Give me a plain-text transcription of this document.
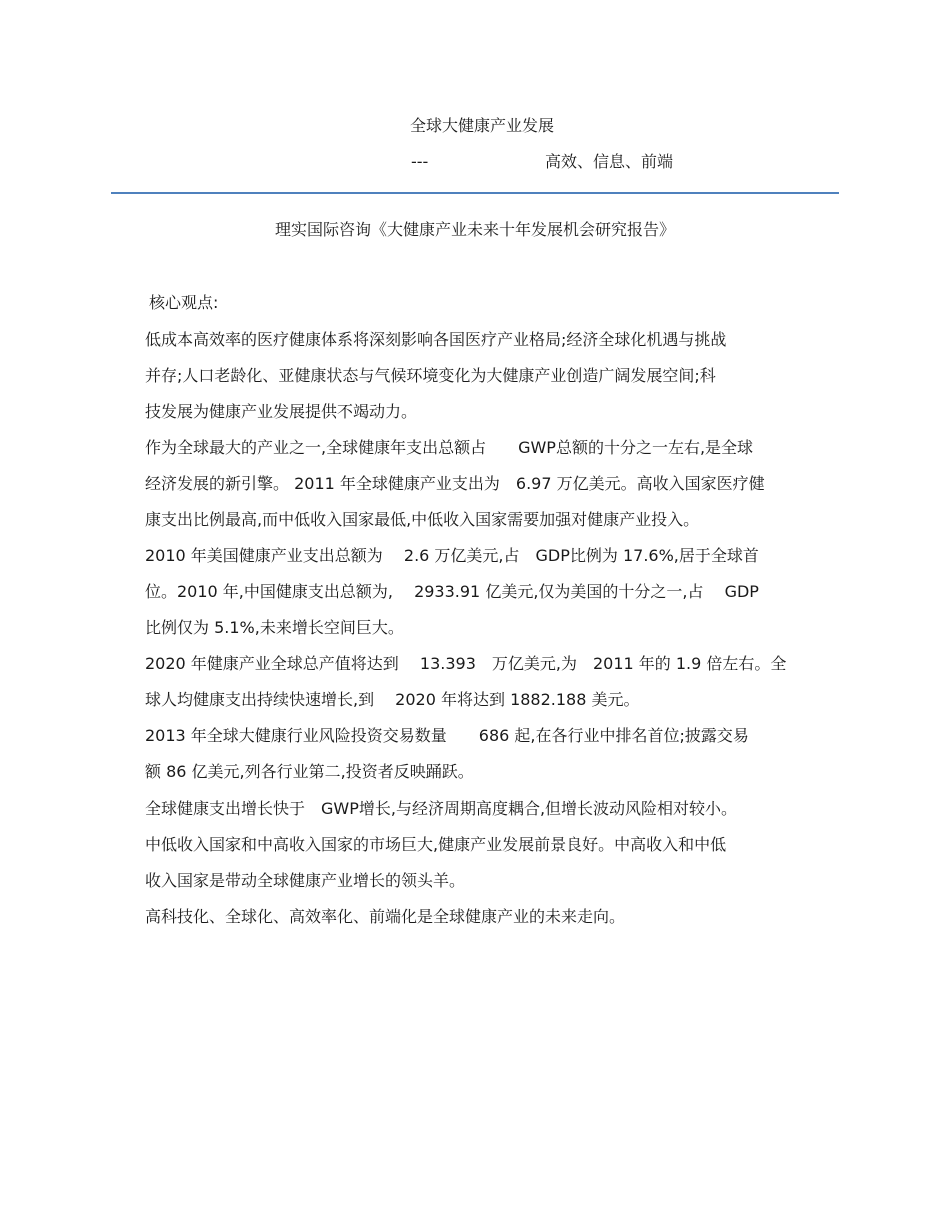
全球大健康产业发展
---	高效、信息、前端
理实国际咨询《大健康产业未来十年发展机会研究报告》
核心观点:
低成本高效率的医疗健康体系将深刻影响各国医疗产业格局;经济全球化机遇与挑战
并存;人口老龄化、亚健康状态与气候环境变化为大健康产业创造广阔发展空间;科
技发展为健康产业发展提供不竭动力。
作为全球最大的产业之一,全球健康年支出总额占　　GWP总额的十分之一左右,是全球
经济发展的新引擎。 2011 年全球健康产业支出为　6.97 万亿美元。高收入国家医疗健
康支出比例最高,而中低收入国家最低,中低收入国家需要加强对健康产业投入。
2010 年美国健康产业支出总额为　 2.6 万亿美元,占　GDP比例为 17.6%,居于全球首
位。2010 年,中国健康支出总额为,　 2933.91 亿美元,仅为美国的十分之一,占　 GDP
比例仅为 5.1%,未来增长空间巨大。
2020 年健康产业全球总产值将达到　 13.393　万亿美元,为　2011 年的 1.9 倍左右。全
球人均健康支出持续快速增长,到　 2020 年将达到 1882.188 美元。
2013 年全球大健康行业风险投资交易数量　　686 起,在各行业中排名首位;披露交易
额 86 亿美元,列各行业第二,投资者反映踊跃。
全球健康支出增长快于　GWP增长,与经济周期高度耦合,但增长波动风险相对较小。
中低收入国家和中高收入国家的市场巨大,健康产业发展前景良好。中高收入和中低
收入国家是带动全球健康产业增长的领头羊。
高科技化、全球化、高效率化、前端化是全球健康产业的未来走向。
